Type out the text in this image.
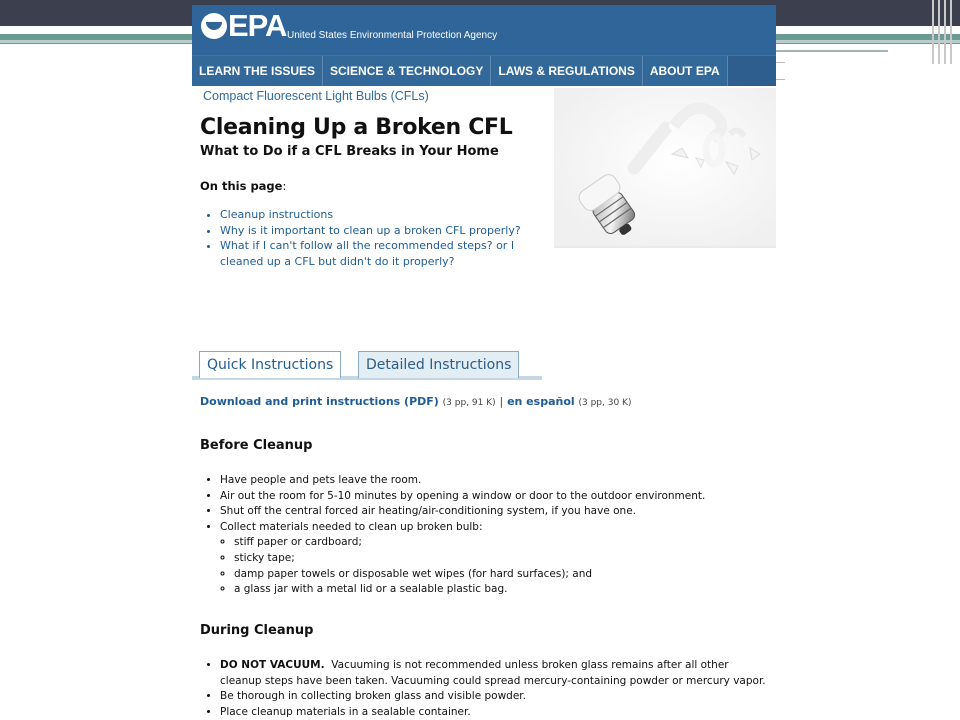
EPA United States Environmental Protection Agency
LEARN THE ISSUES	SCIENCE & TECHNOLOGY	LAWS & REGULATIONS	ABOUT EPA
Compact Fluorescent Light Bulbs (CFLs)
Cleaning Up a Broken CFL
What to Do if a CFL Breaks in Your Home
On this page:
• Cleanup instructions
• Why is it important to clean up a broken CFL properly?
• What if I can't follow all the recommended steps? or I cleaned up a CFL but didn't do it properly?
Quick Instructions	Detailed Instructions
Download and print instructions (PDF) (3 pp, 91 K) | en español (3 pp, 30 K)
Before Cleanup
• Have people and pets leave the room.
• Air out the room for 5-10 minutes by opening a window or door to the outdoor environment.
• Shut off the central forced air heating/air-conditioning system, if you have one.
• Collect materials needed to clean up broken bulb:
◦ stiff paper or cardboard;
◦ sticky tape;
◦ damp paper towels or disposable wet wipes (for hard surfaces); and
◦ a glass jar with a metal lid or a sealable plastic bag.
During Cleanup
• DO NOT VACUUM. Vacuuming is not recommended unless broken glass remains after all other cleanup steps have been taken. Vacuuming could spread mercury-containing powder or mercury vapor.
• Be thorough in collecting broken glass and visible powder.
• Place cleanup materials in a sealable container.
